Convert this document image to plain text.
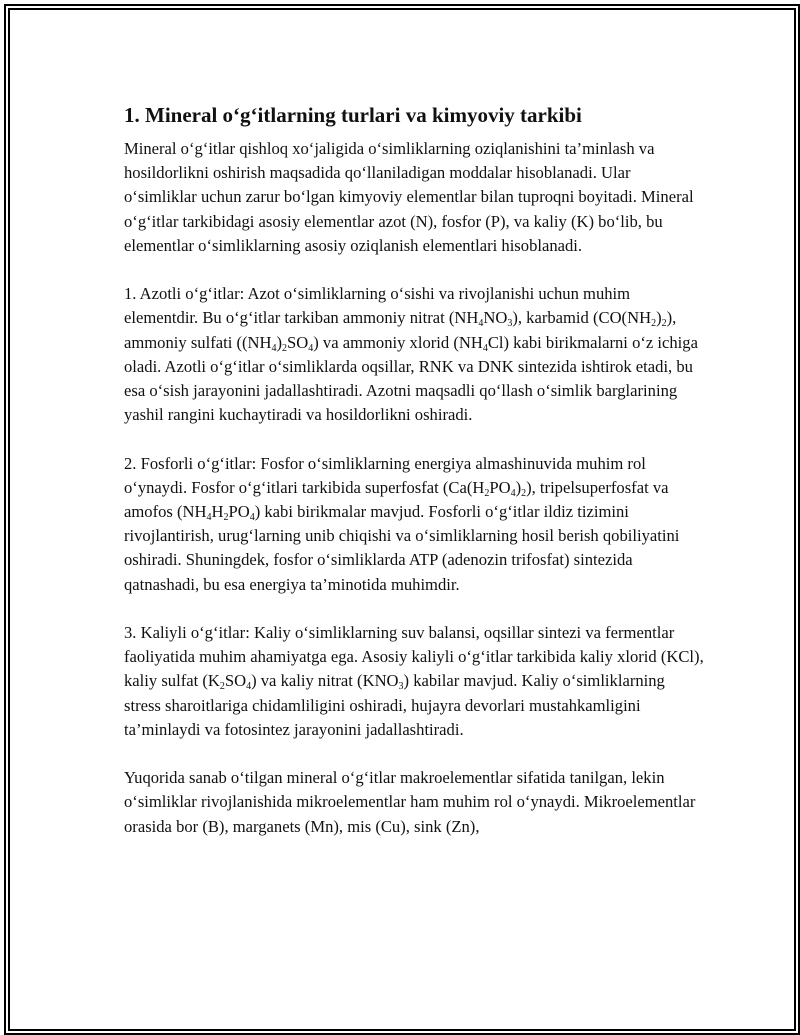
1. Mineral o‘g‘itlarning turlari va kimyoviy tarkibi

Mineral o‘g‘itlar qishloq xo‘jaligida o‘simliklarning oziqlanishini ta’minlash va hosildorlikni oshirish maqsadida qo‘llaniladigan moddalar hisoblanadi. Ular o‘simliklar uchun zarur bo‘lgan kimyoviy elementlar bilan tuproqni boyitadi. Mineral o‘g‘itlar tarkibidagi asosiy elementlar azot (N), fosfor (P), va kaliy (K) bo‘lib, bu elementlar o‘simliklarning asosiy oziqlanish elementlari hisoblanadi.

1. Azotli o‘g‘itlar: Azot o‘simliklarning o‘sishi va rivojlanishi uchun muhim elementdir. Bu o‘g‘itlar tarkiban ammoniy nitrat $(NH_4NO_3)$, karbamid $(CO(NH_2)_2)$, ammoniy sulfati $((NH_4)_2SO_4)$ va ammoniy xlorid $(NH_4Cl)$ kabi birikmalarni o‘z ichiga oladi. Azotli o‘g‘itlar o‘simliklarda oqsillar, RNK va DNK sintezida ishtirok etadi, bu esa o‘sish jarayonini jadallashtiradi. Azotni maqsadli qo‘llash o‘simlik barglarining yashil rangini kuchaytiradi va hosildorlikni oshiradi.

2. Fosforli o‘g‘itlar: Fosfor o‘simliklarning energiya almashinuvida muhim rol o‘ynaydi. Fosfor o‘g‘itlari tarkibida superfosfat $(Ca(H_2PO_4)_2)$, tripelsuperfosfat va amofos $(NH_4H_2PO_4)$ kabi birikmalar mavjud. Fosforli o‘g‘itlar ildiz tizimini rivojlantirish, urug‘larning unib chiqishi va o‘simliklarning hosil berish qobiliyatini oshiradi. Shuningdek, fosfor o‘simliklarda ATP (adenozin trifosfat) sintezida qatnashadi, bu esa energiya ta’minotida muhimdir.

3. Kaliyli o‘g‘itlar: Kaliy o‘simliklarning suv balansi, oqsillar sintezi va fermentlar faoliyatida muhim ahamiyatga ega. Asosiy kaliyli o‘g‘itlar tarkibida kaliy xlorid (KCl), kaliy sulfat $(K_2SO_4)$ va kaliy nitrat $(KNO_3)$ kabilar mavjud. Kaliy o‘simliklarning stress sharoitlariga chidamliligini oshiradi, hujayra devorlari mustahkamligini ta’minlaydi va fotosintez jarayonini jadallashtiradi.

Yuqorida sanab o‘tilgan mineral o‘g‘itlar makroelementlar sifatida tanilgan, lekin o‘simliklar rivojlanishida mikroelementlar ham muhim rol o‘ynaydi. Mikroelementlar orasida bor (B), marganets (Mn), mis (Cu), sink (Zn),
